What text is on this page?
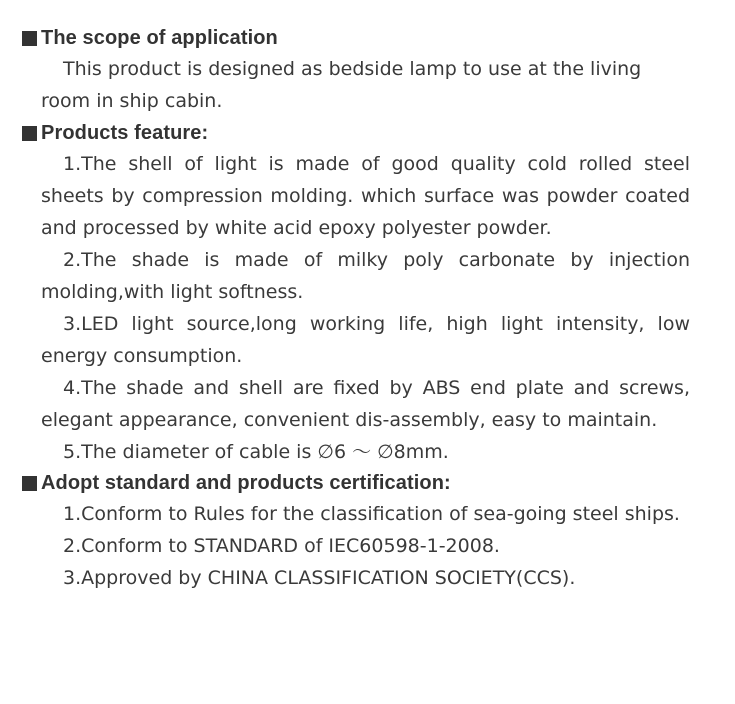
The scope of application

This product is designed as bedside lamp to use at the living room in ship cabin.

Products feature:

1.The shell of light is made of good quality cold rolled steel sheets by compression molding. which surface was powder coated and processed by white acid epoxy polyester powder.

2.The shade is made of milky poly carbonate by injection molding,with light softness.

3.LED light source,long working life, high light intensity, low energy consumption.

4.The shade and shell are fixed by ABS end plate and screws, elegant appearance, convenient dis-assembly, easy to maintain.

5.The diameter of cable is ∅6 ～ ∅8mm.

Adopt standard and products certification:

1.Conform to Rules for the classification of sea-going steel ships.

2.Conform to STANDARD of IEC60598-1-2008.

3.Approved by CHINA CLASSIFICATION SOCIETY(CCS).
